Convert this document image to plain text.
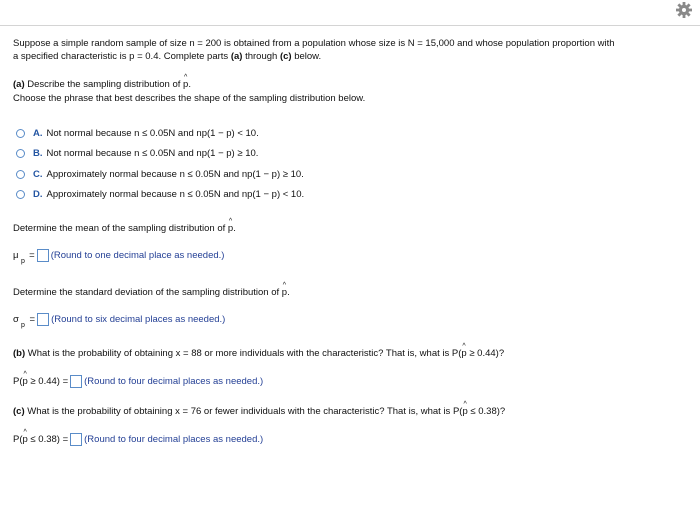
Suppose a simple random sample of size n = 200 is obtained from a population whose size is N = 15,000 and whose population proportion with
a specified characteristic is p = 0.4. Complete parts (a) through (c) below.
(a) Describe the sampling distribution of ^ p.
Choose the phrase that best describes the shape of the sampling distribution below.
A. Not normal because n ≤ 0.05N and np(1 − p) < 10.
B. Not normal because n ≤ 0.05N and np(1 − p) ≥ 10.
C. Approximately normal because n ≤ 0.05N and np(1 − p) ≥ 10.
D. Approximately normal because n ≤ 0.05N and np(1 − p) < 10.
Determine the mean of the sampling distribution of ^ p.
μ
p
= (Round to one decimal place as needed.)
Determine the standard deviation of the sampling distribution of ^ p.
σ
p
= (Round to six decimal places as needed.)
(b) What is the probability of obtaining x = 88 or more individuals with the characteristic? That is, what is P(^ p ≥ 0.44)?
P(^ p ≥ 0.44) = (Round to four decimal places as needed.)
(c) What is the probability of obtaining x = 76 or fewer individuals with the characteristic? That is, what is P(^ p ≤ 0.38)?
P(^ p ≤ 0.38) = (Round to four decimal places as needed.)
